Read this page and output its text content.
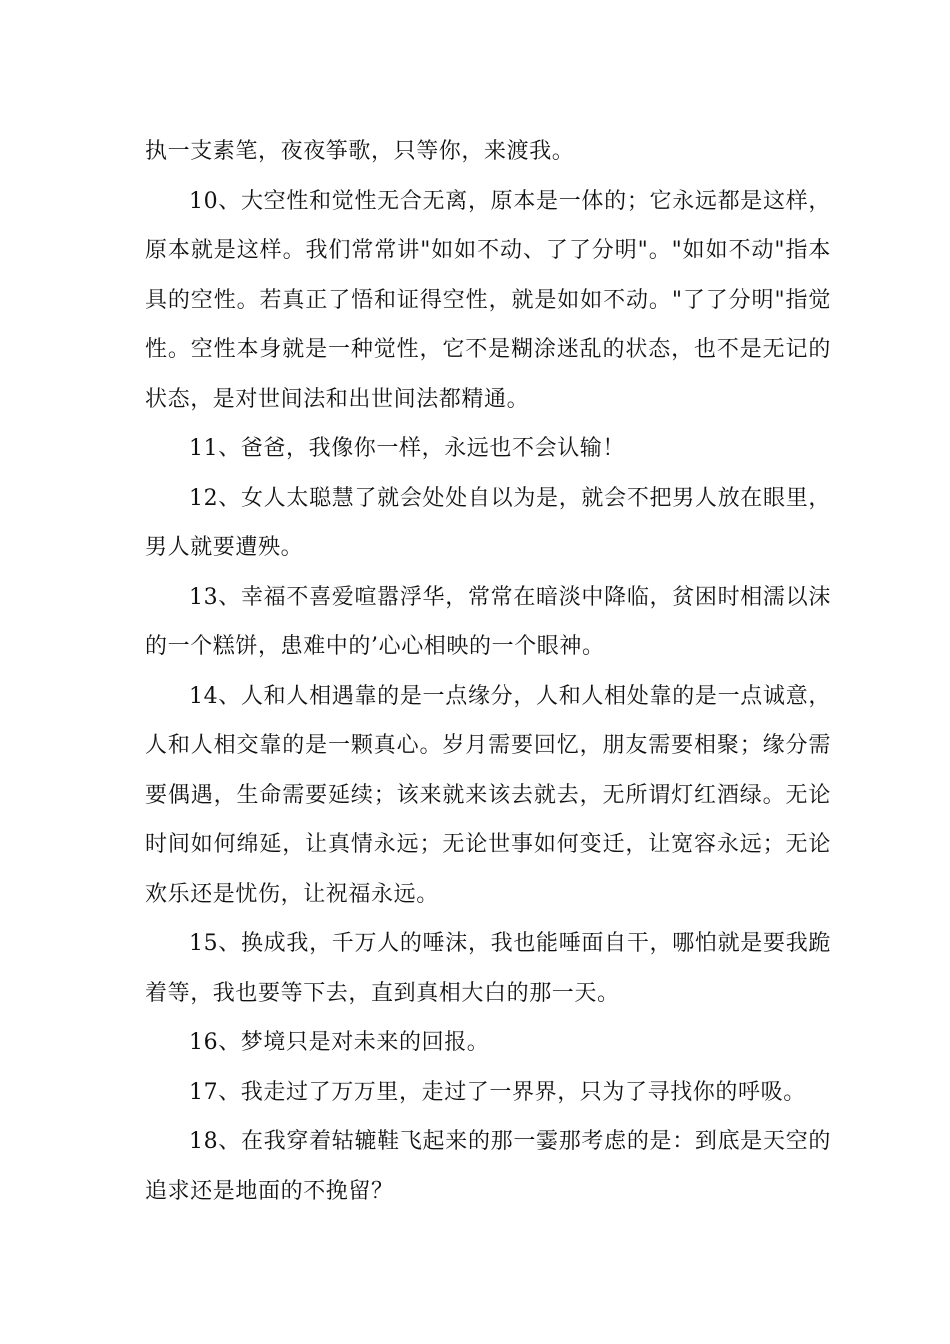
执一支素笔，夜夜筝歌，只等你，来渡我。

10、大空性和觉性无合无离，原本是一体的；它永远都是这样，原本就是这样。我们常常讲"如如不动、了了分明"。"如如不动"指本具的空性。若真正了悟和证得空性，就是如如不动。"了了分明"指觉性。空性本身就是一种觉性，它不是糊涂迷乱的状态，也不是无记的状态，是对世间法和出世间法都精通。

11、爸爸，我像你一样，永远也不会认输！

12、女人太聪慧了就会处处自以为是，就会不把男人放在眼里，男人就要遭殃。

13、幸福不喜爱喧嚣浮华，常常在暗淡中降临，贫困时相濡以沫的一个糕饼，患难中的’心心相映的一个眼神。

14、人和人相遇靠的是一点缘分，人和人相处靠的是一点诚意，人和人相交靠的是一颗真心。岁月需要回忆，朋友需要相聚；缘分需要偶遇，生命需要延续；该来就来该去就去，无所谓灯红酒绿。无论时间如何绵延，让真情永远；无论世事如何变迁，让宽容永远；无论欢乐还是忧伤，让祝福永远。

15、换成我，千万人的唾沫，我也能唾面自干，哪怕就是要我跪着等，我也要等下去，直到真相大白的那一天。

16、梦境只是对未来的回报。

17、我走过了万万里，走过了一界界，只为了寻找你的呼吸。

18、在我穿着轱辘鞋飞起来的那一霎那考虑的是：到底是天空的追求还是地面的不挽留？
